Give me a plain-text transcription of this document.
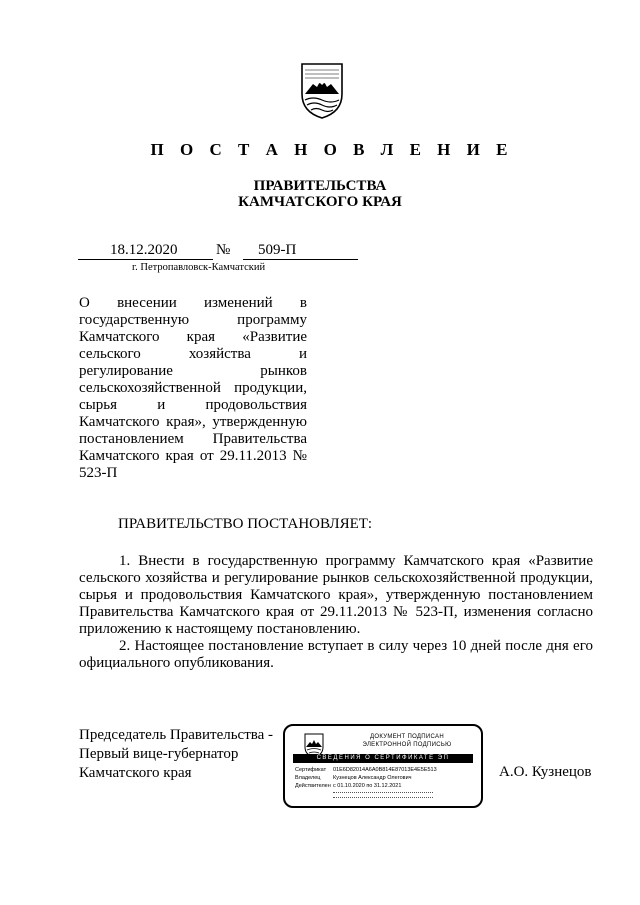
П О С Т А Н О В Л Е Н И Е
ПРАВИТЕЛЬСТВА
КАМЧАТСКОГО КРАЯ
18.12.2020	№ 509-П
г. Петропавловск-Камчатский
О внесении изменений в государственную программу Камчатского края «Развитие сельского хозяйства и регулирование рынков сельскохозяйственной продукции, сырья и продовольствия Камчатского края», утвержденную постановлением Правительства Камчатского края от 29.11.2013 № 523-П
ПРАВИТЕЛЬСТВО ПОСТАНОВЛЯЕТ:
1. Внести в государственную программу Камчатского края «Развитие сельского хозяйства и регулирование рынков сельскохозяйственной продукции, сырья и продовольствия Камчатского края», утвержденную постановлением Правительства Камчатского края от 29.11.2013 № 523-П, изменения согласно приложению к настоящему постановлению.
2. Настоящее постановление вступает в силу через 10 дней после дня его официального опубликования.
Председатель Правительства -
Первый вице-губернатор
Камчатского края	А.О. Кузнецов
ДОКУМЕНТ ПОДПИСАН
ЭЛЕКТРОННОЙ ПОДПИСЬЮ
СВЕДЕНИЯ О СЕРТИФИКАТЕ ЭП
Сертификат 01E6D82014A6A0B814E87013E4E5E513
Владелец Кузнецов Александр Олегович
Действителен с 01.10.2020 по 31.12.2021
